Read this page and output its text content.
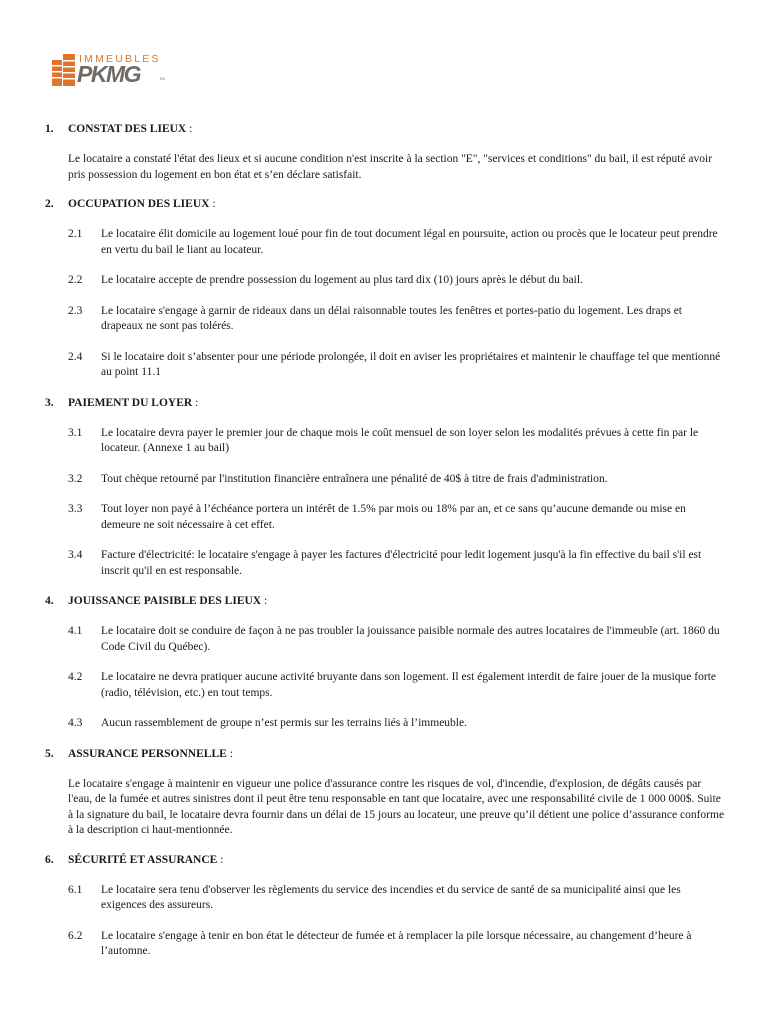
IMMEUBLES
PKMG	TM
1. CONSTAT DES LIEUX :
Le locataire a constaté l'état des lieux et si aucune condition n'est inscrite à la section "E", "services et conditions" du bail, il est réputé avoir pris possession du logement en bon état et s’en déclare satisfait.
2. OCCUPATION DES LIEUX :
2.1 Le locataire élit domicile au logement loué pour fin de tout document légal en poursuite, action ou procès que le locateur peut prendre en vertu du bail le liant au locateur.
2.2 Le locataire accepte de prendre possession du logement au plus tard dix (10) jours après le début du bail.
2.3 Le locataire s'engage à garnir de rideaux dans un délai raisonnable toutes les fenêtres et portes-patio du logement. Les draps et drapeaux ne sont pas tolérés.
2.4 Si le locataire doit s’absenter pour une période prolongée, il doit en aviser les propriétaires et maintenir le chauffage tel que mentionné au point 11.1
3. PAIEMENT DU LOYER :
3.1 Le locataire devra payer le premier jour de chaque mois le coût mensuel de son loyer selon les modalités prévues à cette fin par le locateur. (Annexe 1 au bail)
3.2 Tout chèque retourné par l'institution financière entraînera une pénalité de 40$ à titre de frais d'administration.
3.3 Tout loyer non payé à l’échéance portera un intérêt de 1.5% par mois ou 18% par an, et ce sans qu’aucune demande ou mise en demeure ne soit nécessaire à cet effet.
3.4 Facture d'électricité: le locataire s'engage à payer les factures d'électricité pour ledit logement jusqu'à la fin effective du bail s'il est inscrit qu'il en est responsable.
4. JOUISSANCE PAISIBLE DES LIEUX :
4.1 Le locataire doit se conduire de façon à ne pas troubler la jouissance paisible normale des autres locataires de l'immeuble (art. 1860 du Code Civil du Québec).
4.2 Le locataire ne devra pratiquer aucune activité bruyante dans son logement. Il est également interdit de faire jouer de la musique forte (radio, télévision, etc.) en tout temps.
4.3 Aucun rassemblement de groupe n’est permis sur les terrains liés à l’immeuble.
5. ASSURANCE PERSONNELLE :
Le locataire s'engage à maintenir en vigueur une police d'assurance contre les risques de vol, d'incendie, d'explosion, de dégâts causés par l'eau, de la fumée et autres sinistres dont il peut être tenu responsable en tant que locataire, avec une responsabilité civile de 1 000 000$. Suite à la signature du bail, le locataire devra fournir dans un délai de 15 jours au locateur, une preuve qu’il détient une police d’assurance conforme à la description ci haut-mentionnée.
6. SÉCURITÉ ET ASSURANCE :
6.1 Le locataire sera tenu d'observer les règlements du service des incendies et du service de santé de sa municipalité ainsi que les exigences des assureurs.
6.2 Le locataire s'engage à tenir en bon état le détecteur de fumée et à remplacer la pile lorsque nécessaire, au changement d’heure à l’automne.
